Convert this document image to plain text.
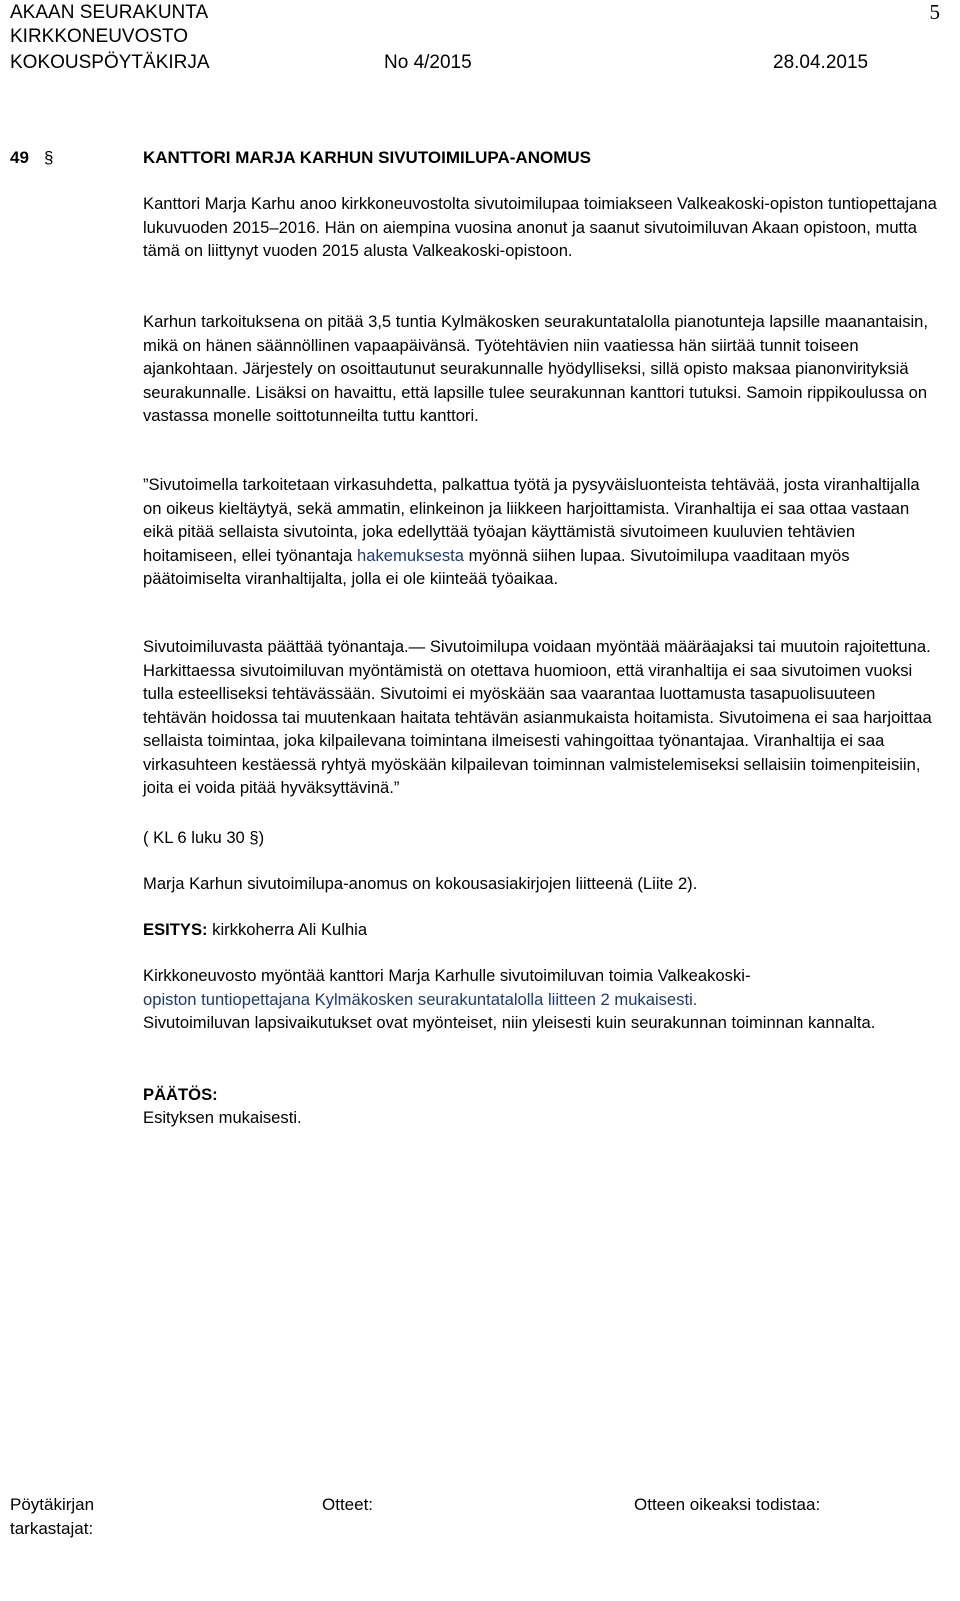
AKAAN SEURAKUNTA	5
KIRKKONEUVOSTO
KOKOUSPÖYTÄKIRJA	No 4/2015	28.04.2015
49 §	KANTTORI MARJA KARHUN SIVUTOIMILUPA-ANOMUS

Kanttori Marja Karhu anoo kirkkoneuvostolta sivutoimilupaa toimiakseen Valkeakoski-opiston tuntiopettajana lukuvuoden 2015–2016. Hän on aiempina vuosina anonut ja saanut sivutoimiluvan Akaan opistoon, mutta tämä on liittynyt vuoden 2015 alusta Valkeakoski-opistoon.

Karhun tarkoituksena on pitää 3,5 tuntia Kylmäkosken seurakuntatalolla pianotunteja lapsille maanantaisin, mikä on hänen säännöllinen vapaapäivänsä. Työtehtävien niin vaatiessa hän siirtää tunnit toiseen ajankohtaan. Järjestely on osoittautunut seurakunnalle hyödylliseksi, sillä opisto maksaa pianonvirityksiä seurakunnalle. Lisäksi on havaittu, että lapsille tulee seurakunnan kanttori tutuksi. Samoin rippikoulussa on vastassa monelle soittotunneilta tuttu kanttori.

”Sivutoimella tarkoitetaan virkasuhdetta, palkattua työtä ja pysyväisluonteista tehtävää, josta viranhaltijalla on oikeus kieltäytyä, sekä ammatin, elinkeinon ja liikkeen harjoittamista. Viranhaltija ei saa ottaa vastaan eikä pitää sellaista sivutointa, joka edellyttää työajan käyttämistä sivutoimeen kuuluvien tehtävien hoitamiseen, ellei työnantaja hakemuksesta myönnä siihen lupaa. Sivutoimilupa vaaditaan myös päätoimiselta viranhaltijalta, jolla ei ole kiinteää työaikaa.

Sivutoimiluvasta päättää työnantaja.— Sivutoimilupa voidaan myöntää määräajaksi tai muutoin rajoitettuna. Harkittaessa sivutoimiluvan myöntämistä on otettava huomioon, että viranhaltija ei saa sivutoimen vuoksi tulla esteelliseksi tehtävässään. Sivutoimi ei myöskään saa vaarantaa luottamusta tasapuolisuuteen tehtävän hoidossa tai muutenkaan haitata tehtävän asianmukaista hoitamista. Sivutoimena ei saa harjoittaa sellaista toimintaa, joka kilpailevana toimintana ilmeisesti vahingoittaa työnantajaa. Viranhaltija ei saa virkasuhteen kestäessä ryhtyä myöskään kilpailevan toiminnan valmistelemiseksi sellaisiin toimenpiteisiin, joita ei voida pitää hyväksyttävinä.”

( KL 6 luku 30 §)

Marja Karhun sivutoimilupa-anomus on kokousasiakirjojen liitteenä (Liite 2).

ESITYS: kirkkoherra Ali Kulhia

Kirkkoneuvosto myöntää kanttori Marja Karhulle sivutoimiluvan toimia Valkeakoski-
opiston tuntiopettajana Kylmäkosken seurakuntatalolla liitteen 2 mukaisesti.
Sivutoimiluvan lapsivaikutukset ovat myönteiset, niin yleisesti kuin seurakunnan toiminnan kannalta.

PÄÄTÖS:

Esityksen mukaisesti.

Pöytäkirjan tarkastajat:
Otteet:	Otteen oikeaksi todistaa:
